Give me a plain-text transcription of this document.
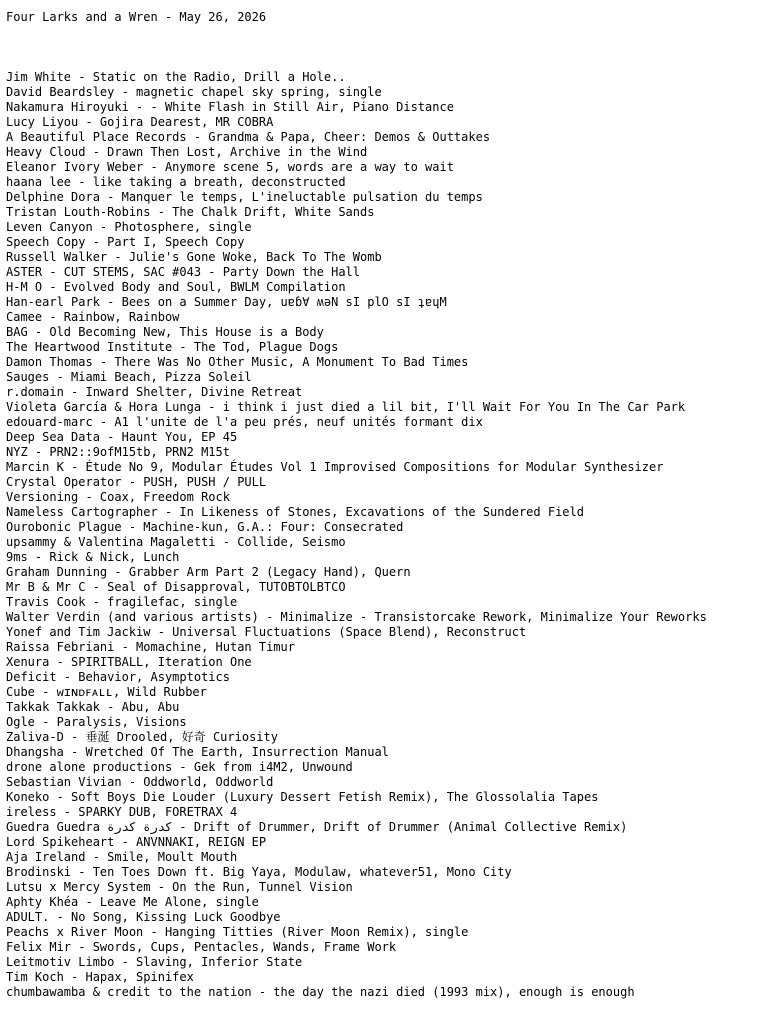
Four Larks and a Wren - May 26, 2026
Jim White - Static on the Radio, Drill a Hole..
David Beardsley - magnetic chapel sky spring, single
Nakamura Hiroyuki - - White Flash in Still Air, Piano Distance
Lucy Liyou - Gojira Dearest, MR COBRA
A Beautiful Place Records - Grandma & Papa, Cheer: Demos & Outtakes
Heavy Cloud - Drawn Then Lost, Archive in the Wind
Eleanor Ivory Weber - Anymore scene 5, words are a way to wait
haana lee - like taking a breath, deconstructed
Delphine Dora - Manquer le temps, L'ineluctable pulsation du temps
Tristan Louth-Robins - The Chalk Drift, White Sands
Leven Canyon - Photosphere, single
Speech Copy - Part I, Speech Copy
Russell Walker - Julie's Gone Woke, Back To The Womb
ASTER - CUT STEMS, SAC #043 - Party Down the Hall
H-M O - Evolved Body and Soul, BWLM Compilation
Han-earl Park - Bees on a Summer Day, uɐɓ∀ ʍəN sI plO sI ʇɐɥM
Camee - Rainbow, Rainbow
BAG - Old Becoming New, This House is a Body
The Heartwood Institute - The Tod, Plague Dogs
Damon Thomas - There Was No Other Music, A Monument To Bad Times
Sauges - Miami Beach, Pizza Soleil
r.domain - Inward Shelter, Divine Retreat
Violeta García & Hora Lunga - i think i just died a lil bit, I'll Wait For You In The Car Park
edouard-marc - A1 l'unite de l'a peu prés, neuf unités formant dix
Deep Sea Data - Haunt You, EP 45
NYZ - PRN2::9ofM15tb, PRN2 M15t
Marcin K - Étude No 9, Modular Études Vol 1 Improvised Compositions for Modular Synthesizer
Crystal Operator - PUSH, PUSH / PULL
Versioning - Coax, Freedom Rock
Nameless Cartographer - In Likeness of Stones, Excavations of the Sundered Field
Ourobonic Plague - Machine-kun, G.A.: Four: Consecrated
upsammy & Valentina Magaletti - Collide, Seismo
9ms - Rick & Nick, Lunch
Graham Dunning - Grabber Arm Part 2 (Legacy Hand), Quern
Mr B & Mr C - Seal of Disapproval, TUTOBTOLBTCO
Travis Cook - fragilefac, single
Walter Verdin (and various artists) - Minimalize - Transistorcake Rework, Minimalize Your Reworks
Yonef and Tim Jackiw - Universal Fluctuations (Space Blend), Reconstruct
Raissa Febriani - Momachine, Hutan Timur
Xenura - SPIRITBALL, Iteration One
Deficit - Behavior, Asymptotics
Cube - ᴡɪɴᴅꜰᴀʟʟ, Wild Rubber
Takkak Takkak - Abu, Abu
Ogle - Paralysis, Visions
Zaliva-D - 垂涎 Drooled, 好奇 Curiosity
Dhangsha - Wretched Of The Earth, Insurrection Manual
drone alone productions - Gek from i4M2, Unwound
Sebastian Vivian - Oddworld, Oddworld
Koneko - Soft Boys Die Louder (Luxury Dessert Fetish Remix), The Glossolalia Tapes
ireless - SPARKY DUB, FORETRAX 4
Guedra Guedra كدرة كدرة - Drift of Drummer, Drift of Drummer (Animal Collective Remix)
Lord Spikeheart - ANVNNAKI, REIGN EP
Aja Ireland - Smile, Moult Mouth
Brodinski - Ten Toes Down ft. Big Yaya, Modulaw, whatever51, Mono City
Lutsu x Mercy System - On the Run, Tunnel Vision
Aphty Khéa - Leave Me Alone, single
ADULT. - No Song, Kissing Luck Goodbye
Peachs x River Moon - Hanging Titties (River Moon Remix), single
Felix Mir - Swords, Cups, Pentacles, Wands, Frame Work
Leitmotiv Limbo - Slaving, Inferior State
Tim Koch - Hapax, Spinifex
chumbawamba & credit to the nation - the day the nazi died (1993 mix), enough is enough
